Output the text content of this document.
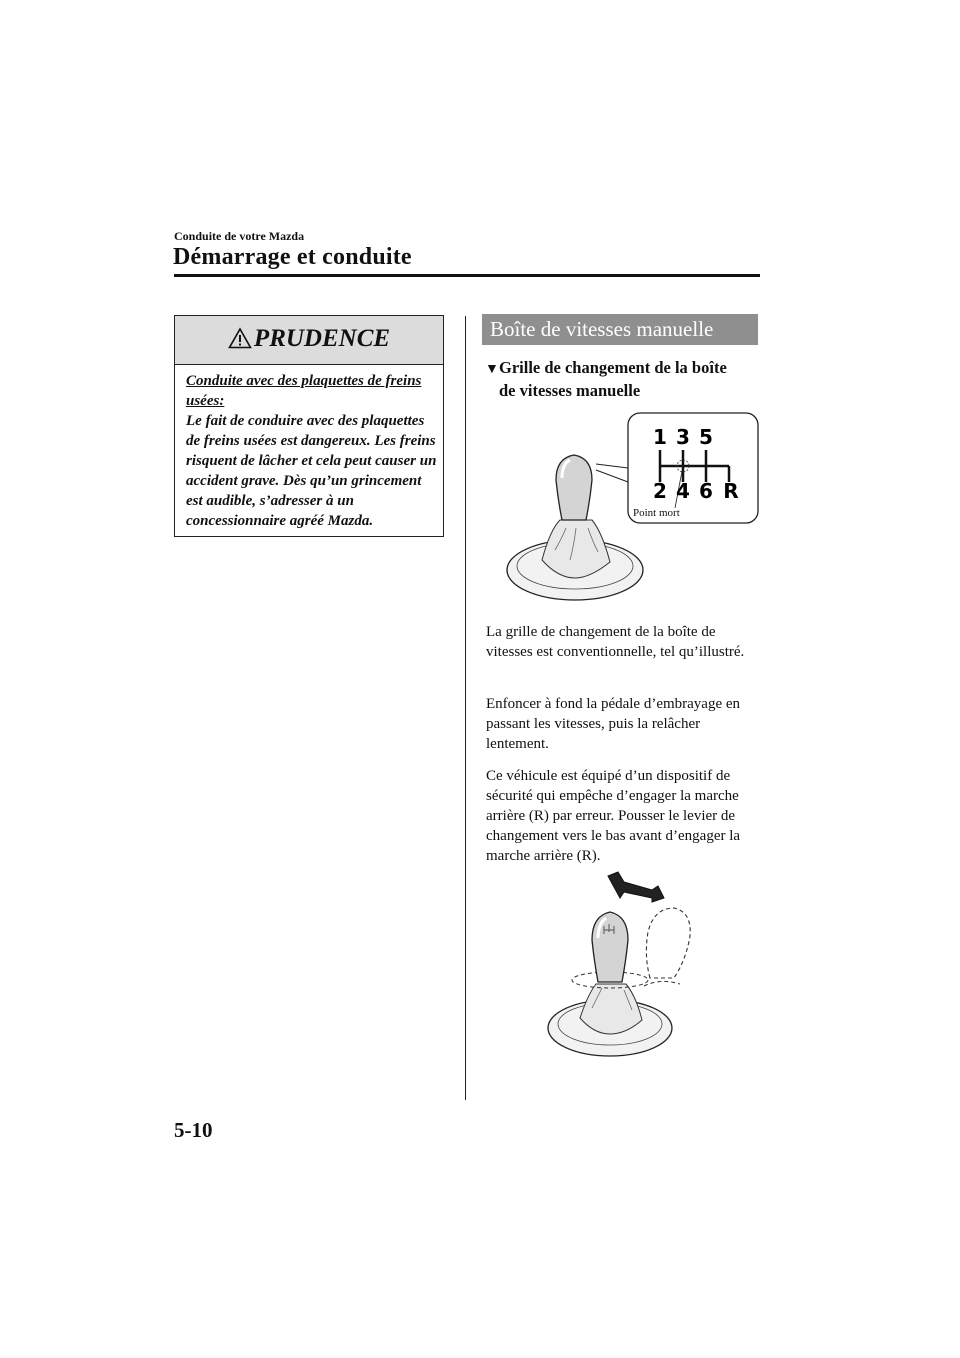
Conduite de votre Mazda
Démarrage et conduite
PRUDENCE
Conduite avec des plaquettes de freins usées:
Le fait de conduire avec des plaquettes de freins usées est dangereux. Les freins risquent de lâcher et cela peut causer un accident grave. Dès qu’un grincement est audible, s’adresser à un concessionnaire agréé Mazda.
Boîte de vitesses manuelle
▼Grille de changement de la boîte
de vitesses manuelle
1 3 5
2 4 6 R
Point mort
La grille de changement de la boîte de vitesses est conventionnelle, tel qu’illustré.
Enfoncer à fond la pédale d’embrayage en passant les vitesses, puis la relâcher lentement.
Ce véhicule est équipé d’un dispositif de sécurité qui empêche d’engager la marche arrière (R) par erreur. Pousser le levier de changement vers le bas avant d’engager la marche arrière (R).
5-10
